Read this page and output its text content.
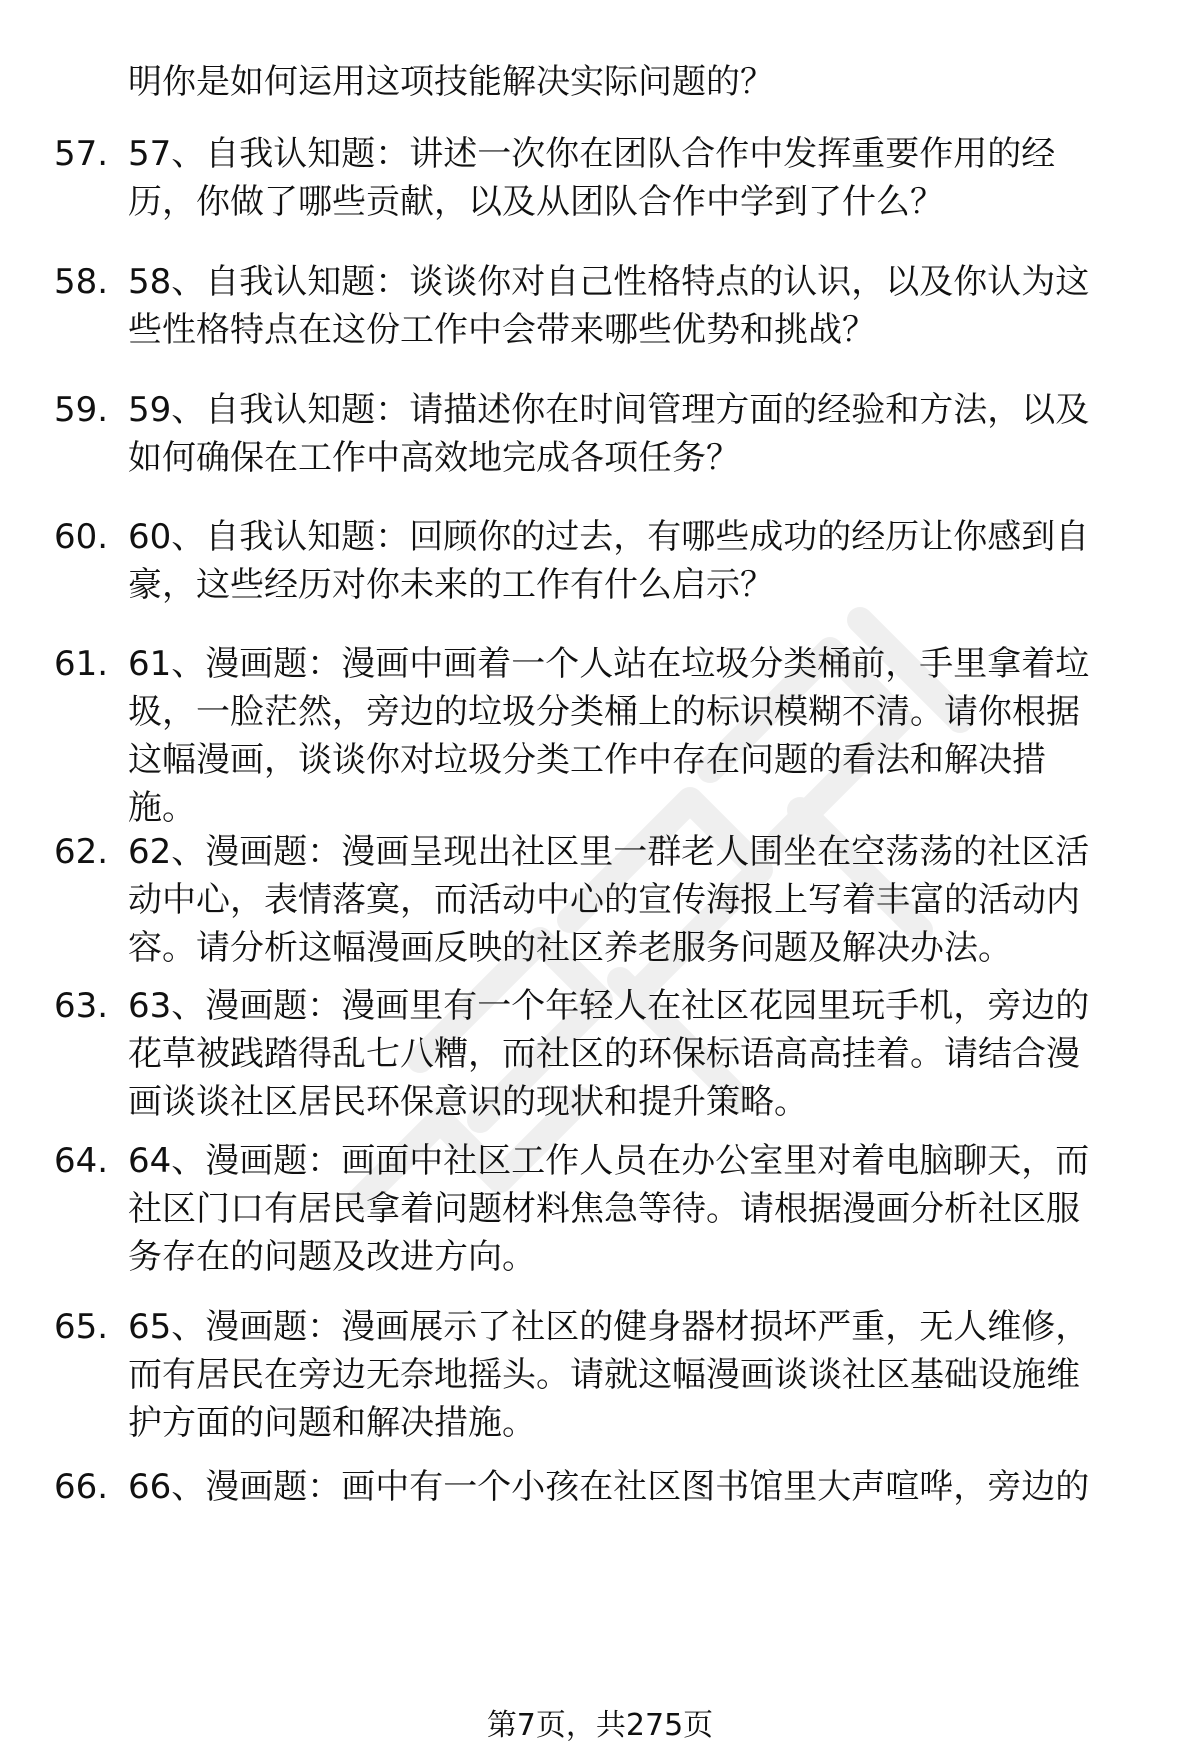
明你是如何运用这项技能解决实际问题的？
57. 57、自我认知题：讲述一次你在团队合作中发挥重要作用的经
历，你做了哪些贡献，以及从团队合作中学到了什么？
58. 58、自我认知题：谈谈你对自己性格特点的认识，以及你认为这
些性格特点在这份工作中会带来哪些优势和挑战？
59. 59、自我认知题：请描述你在时间管理方面的经验和方法，以及
如何确保在工作中高效地完成各项任务？
60. 60、自我认知题：回顾你的过去，有哪些成功的经历让你感到自
豪，这些经历对你未来的工作有什么启示？
61. 61、漫画题：漫画中画着一个人站在垃圾分类桶前，手里拿着垃
圾，一脸茫然，旁边的垃圾分类桶上的标识模糊不清。请你根据
这幅漫画，谈谈你对垃圾分类工作中存在问题的看法和解决措
施。
62. 62、漫画题：漫画呈现出社区里一群老人围坐在空荡荡的社区活
动中心，表情落寞，而活动中心的宣传海报上写着丰富的活动内
容。请分析这幅漫画反映的社区养老服务问题及解决办法。
63. 63、漫画题：漫画里有一个年轻人在社区花园里玩手机，旁边的
花草被践踏得乱七八糟，而社区的环保标语高高挂着。请结合漫
画谈谈社区居民环保意识的现状和提升策略。
64. 64、漫画题：画面中社区工作人员在办公室里对着电脑聊天，而
社区门口有居民拿着问题材料焦急等待。请根据漫画分析社区服
务存在的问题及改进方向。
65. 65、漫画题：漫画展示了社区的健身器材损坏严重，无人维修，
而有居民在旁边无奈地摇头。请就这幅漫画谈谈社区基础设施维
护方面的问题和解决措施。
66. 66、漫画题：画中有一个小孩在社区图书馆里大声喧哗，旁边的
第7页，共275页
